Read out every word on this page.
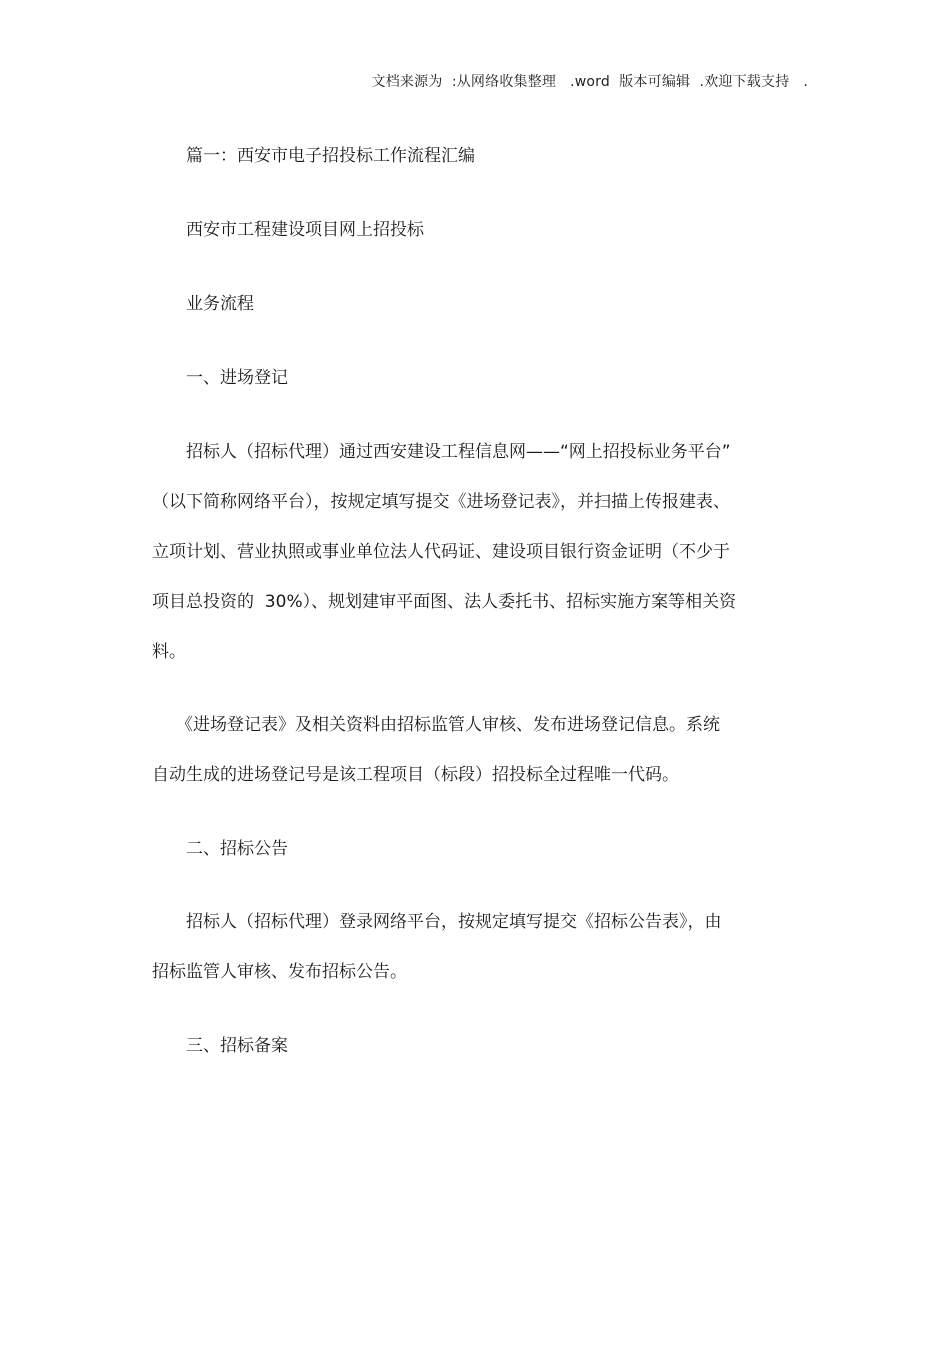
文档来源为  :从网络收集整理   .word  版本可编辑  .欢迎下载支持   .
篇一：西安市电子招投标工作流程汇编
西安市工程建设项目网上招投标
业务流程
一、进场登记
招标人（招标代理）通过西安建设工程信息网——“网上招投标业务平台”
（以下简称网络平台），按规定填写提交《进场登记表》，并扫描上传报建表、
立项计划、营业执照或事业单位法人代码证、建设项目银行资金证明（不少于
项目总投资的  30%）、规划建审平面图、法人委托书、招标实施方案等相关资
料。
《进场登记表》及相关资料由招标监管人审核、发布进场登记信息。系统
自动生成的进场登记号是该工程项目（标段）招投标全过程唯一代码。
二、招标公告
招标人（招标代理）登录网络平台，按规定填写提交《招标公告表》，由
招标监管人审核、发布招标公告。
三、招标备案
